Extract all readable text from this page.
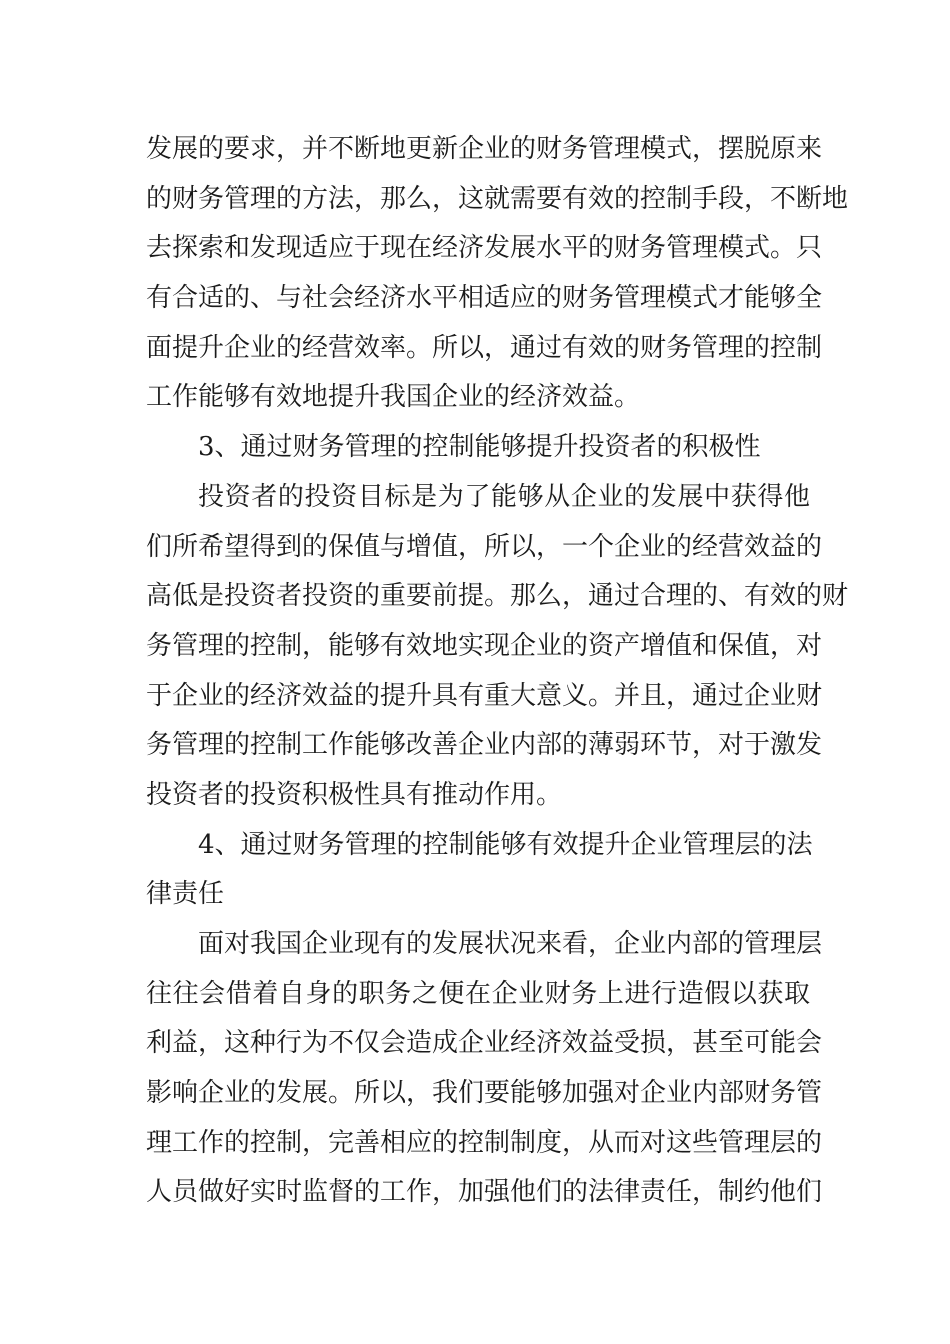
发展的要求，并不断地更新企业的财务管理模式，摆脱原来
的财务管理的方法，那么，这就需要有效的控制手段，不断地
去探索和发现适应于现在经济发展水平的财务管理模式。只
有合适的、与社会经济水平相适应的财务管理模式才能够全
面提升企业的经营效率。所以，通过有效的财务管理的控制
工作能够有效地提升我国企业的经济效益。
3、通过财务管理的控制能够提升投资者的积极性
投资者的投资目标是为了能够从企业的发展中获得他
们所希望得到的保值与增值，所以，一个企业的经营效益的
高低是投资者投资的重要前提。那么，通过合理的、有效的财
务管理的控制，能够有效地实现企业的资产增值和保值，对
于企业的经济效益的提升具有重大意义。并且，通过企业财
务管理的控制工作能够改善企业内部的薄弱环节，对于激发
投资者的投资积极性具有推动作用。
4、通过财务管理的控制能够有效提升企业管理层的法
律责任
面对我国企业现有的发展状况来看，企业内部的管理层
往往会借着自身的职务之便在企业财务上进行造假以获取
利益，这种行为不仅会造成企业经济效益受损，甚至可能会
影响企业的发展。所以，我们要能够加强对企业内部财务管
理工作的控制，完善相应的控制制度，从而对这些管理层的
人员做好实时监督的工作，加强他们的法律责任，制约他们
